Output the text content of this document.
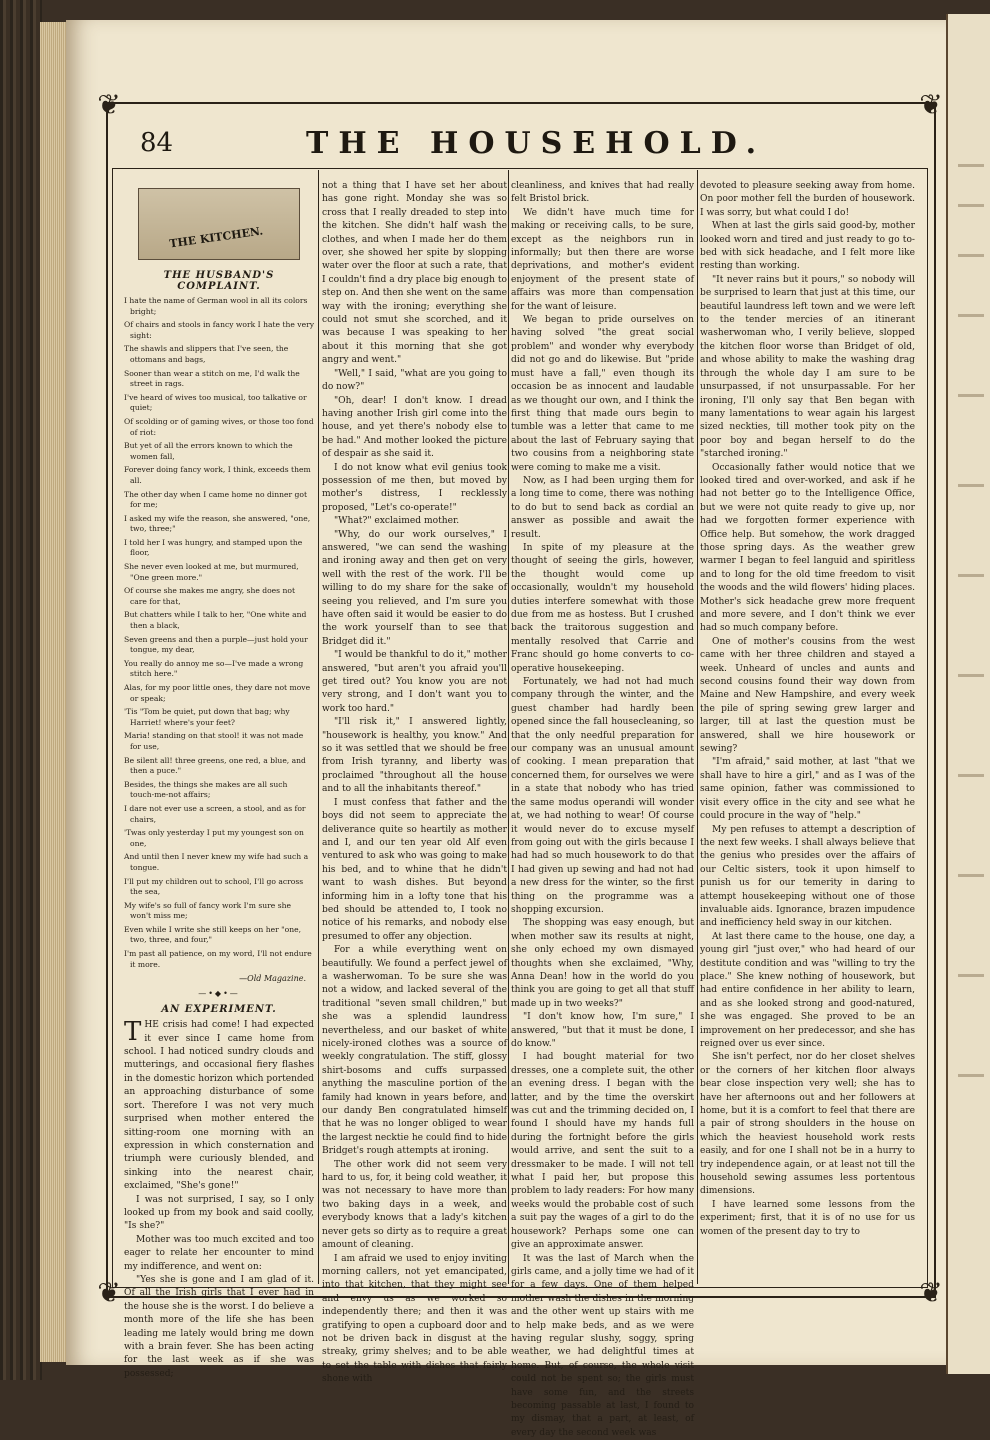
❦	❦
❦	❦
84	THE HOUSEHOLD.
THE KITCHEN.
THE HUSBAND'S COMPLAINT.

I hate the name of German wool in all its colors bright;

Of chairs and stools in fancy work I hate the very sight:

The shawls and slippers that I've seen, the ottomans and bags,

Sooner than wear a stitch on me, I'd walk the street in rags.

I've heard of wives too musical, too talkative or quiet;

Of scolding or of gaming wives, or those too fond of riot:

But yet of all the errors known to which the women fall,

Forever doing fancy work, I think, exceeds them all.

The other day when I came home no dinner got for me;

I asked my wife the reason, she answered, "one, two, three;"

I told her I was hungry, and stamped upon the floor,

She never even looked at me, but murmured, "One green more."

Of course she makes me angry, she does not care for that,

But chatters while I talk to her, "One white and then a black,

Seven greens and then a purple—just hold your tongue, my dear,

You really do annoy me so—I've made a wrong stitch here."

Alas, for my poor little ones, they dare not move or speak;

'Tis "Tom be quiet, put down that bag; why Harriet! where's your feet?

Maria! standing on that stool! it was not made for use,

Be silent all! three greens, one red, a blue, and then a puce."

Besides, the things she makes are all such touch-me-not affairs;

I dare not ever use a screen, a stool, and as for chairs,

'Twas only yesterday I put my youngest son on one,

And until then I never knew my wife had such a tongue.

I'll put my children out to school, I'll go across the sea,

My wife's so full of fancy work I'm sure she won't miss me;

Even while I write she still keeps on her "one, two, three, and four,"

I'm past all patience, on my word, I'll not endure it more.

—Old Magazine.
—•◆•—
AN EXPERIMENT.

THE crisis had come! I had expected it ever since I came home from school. I had noticed sundry clouds and mutterings, and occasional fiery flashes in the domestic horizon which portended an approaching disturbance of some sort. Therefore I was not very much surprised when mother entered the sitting-room one morning with an expression in which consternation and triumph were curiously blended, and sinking into the nearest chair, exclaimed, "She's gone!"

I was not surprised, I say, so I only looked up from my book and said coolly, "Is she?"

Mother was too much excited and too eager to relate her encounter to mind my indifference, and went on:

"Yes she is gone and I am glad of it. Of all the Irish girls that I ever had in the house she is the worst. I do believe a month more of the life she has been leading me lately would bring me down with a brain fever. She has been acting for the last week as if she was possessed;

not a thing that I have set her about has gone right. Monday she was so cross that I really dreaded to step into the kitchen. She didn't half wash the clothes, and when I made her do them over, she showed her spite by slopping water over the floor at such a rate, that I couldn't find a dry place big enough to step on. And then she went on the same way with the ironing; everything she could not smut she scorched, and it was because I was speaking to her about it this morning that she got angry and went."

"Well," I said, "what are you going to do now?"

"Oh, dear! I don't know. I dread having another Irish girl come into the house, and yet there's nobody else to be had." And mother looked the picture of despair as she said it.

I do not know what evil genius took possession of me then, but moved by mother's distress, I recklessly proposed, "Let's co-operate!"

"What?" exclaimed mother.

"Why, do our work ourselves," I answered, "we can send the washing and ironing away and then get on very well with the rest of the work. I'll be willing to do my share for the sake of seeing you relieved, and I'm sure you have often said it would be easier to do the work yourself than to see that Bridget did it."

"I would be thankful to do it," mother answered, "but aren't you afraid you'll get tired out? You know you are not very strong, and I don't want you to work too hard."

"I'll risk it," I answered lightly, "housework is healthy, you know." And so it was settled that we should be free from Irish tyranny, and liberty was proclaimed "throughout all the house and to all the inhabitants thereof."

I must confess that father and the boys did not seem to appreciate the deliverance quite so heartily as mother and I, and our ten year old Alf even ventured to ask who was going to make his bed, and to whine that he didn't want to wash dishes. But beyond informing him in a lofty tone that his bed should be attended to, I took no notice of his remarks, and nobody else presumed to offer any objection.

For a while everything went on beautifully. We found a perfect jewel of a washerwoman. To be sure she was not a widow, and lacked several of the traditional "seven small children," but she was a splendid laundress nevertheless, and our basket of white nicely-ironed clothes was a source of weekly congratulation. The stiff, glossy shirt-bosoms and cuffs surpassed anything the masculine portion of the family had known in years before, and our dandy Ben congratulated himself that he was no longer obliged to wear the largest necktie he could find to hide Bridget's rough attempts at ironing.

The other work did not seem very hard to us, for, it being cold weather, it was not necessary to have more than two baking days in a week, and everybody knows that a lady's kitchen never gets so dirty as to require a great amount of cleaning.

I am afraid we used to enjoy inviting morning callers, not yet emancipated, into that kitchen, that they might see and envy us as we worked so independently there; and then it was gratifying to open a cupboard door and not be driven back in disgust at the streaky, grimy shelves; and to be able to set the table with dishes that fairly shone with

cleanliness, and knives that had really felt Bristol brick.

We didn't have much time for making or receiving calls, to be sure, except as the neighbors run in informally; but then there are worse deprivations, and mother's evident enjoyment of the present state of affairs was more than compensation for the want of leisure.

We began to pride ourselves on having solved "the great social problem" and wonder why everybody did not go and do likewise. But "pride must have a fall," even though its occasion be as innocent and laudable as we thought our own, and I think the first thing that made ours begin to tumble was a letter that came to me about the last of February saying that two cousins from a neighboring state were coming to make me a visit.

Now, as I had been urging them for a long time to come, there was nothing to do but to send back as cordial an answer as possible and await the result.

In spite of my pleasure at the thought of seeing the girls, however, the thought would come up occasionally, wouldn't my household duties interfere somewhat with those due from me as hostess. But I crushed back the traitorous suggestion and mentally resolved that Carrie and Franc should go home converts to co-operative housekeeping.

Fortunately, we had not had much company through the winter, and the guest chamber had hardly been opened since the fall housecleaning, so that the only needful preparation for our company was an unusual amount of cooking. I mean preparation that concerned them, for ourselves we were in a state that nobody who has tried the same modus operandi will wonder at, we had nothing to wear! Of course it would never do to excuse myself from going out with the girls because I had had so much housework to do that I had given up sewing and had not had a new dress for the winter, so the first thing on the programme was a shopping excursion.

The shopping was easy enough, but when mother saw its results at night, she only echoed my own dismayed thoughts when she exclaimed, "Why, Anna Dean! how in the world do you think you are going to get all that stuff made up in two weeks?"

"I don't know how, I'm sure," I answered, "but that it must be done, I do know."

I had bought material for two dresses, one a complete suit, the other an evening dress. I began with the latter, and by the time the overskirt was cut and the trimming decided on, I found I should have my hands full during the fortnight before the girls would arrive, and sent the suit to a dressmaker to be made. I will not tell what I paid her, but propose this problem to lady readers: For how many weeks would the probable cost of such a suit pay the wages of a girl to do the housework? Perhaps some one can give an approximate answer.

It was the last of March when the girls came, and a jolly time we had of it for a few days. One of them helped mother wash the dishes in the morning and the other went up stairs with me to help make beds, and as we were having regular slushy, soggy, spring weather, we had delightful times at home. But, of course, the whole visit could not be spent so; the girls must have some fun, and the streets becoming passable at last, I found to my dismay, that a part, at least, of every day the second week was

devoted to pleasure seeking away from home. On poor mother fell the burden of housework. I was sorry, but what could I do!

When at last the girls said good-by, mother looked worn and tired and just ready to go to-bed with sick headache, and I felt more like resting than working.

"It never rains but it pours," so nobody will be surprised to learn that just at this time, our beautiful laundress left town and we were left to the tender mercies of an itinerant washerwoman who, I verily believe, slopped the kitchen floor worse than Bridget of old, and whose ability to make the washing drag through the whole day I am sure to be unsurpassed, if not unsurpassable. For her ironing, I'll only say that Ben began with many lamentations to wear again his largest sized neckties, till mother took pity on the poor boy and began herself to do the "starched ironing."

Occasionally father would notice that we looked tired and over-worked, and ask if he had not better go to the Intelligence Office, but we were not quite ready to give up, nor had we forgotten former experience with Office help. But somehow, the work dragged those spring days. As the weather grew warmer I began to feel languid and spiritless and to long for the old time freedom to visit the woods and the wild flowers' hiding places. Mother's sick headache grew more frequent and more severe, and I don't think we ever had so much company before.

One of mother's cousins from the west came with her three children and stayed a week. Unheard of uncles and aunts and second cousins found their way down from Maine and New Hampshire, and every week the pile of spring sewing grew larger and larger, till at last the question must be answered, shall we hire housework or sewing?

"I'm afraid," said mother, at last "that we shall have to hire a girl," and as I was of the same opinion, father was commissioned to visit every office in the city and see what he could procure in the way of "help."

My pen refuses to attempt a description of the next few weeks. I shall always believe that the genius who presides over the affairs of our Celtic sisters, took it upon himself to punish us for our temerity in daring to attempt housekeeping without one of those invaluable aids. Ignorance, brazen impudence and inefficiency held sway in our kitchen.

At last there came to the house, one day, a young girl "just over," who had heard of our destitute condition and was "willing to try the place." She knew nothing of housework, but had entire confidence in her ability to learn, and as she looked strong and good-natured, she was engaged. She proved to be an improvement on her predecessor, and she has reigned over us ever since.

She isn't perfect, nor do her closet shelves or the corners of her kitchen floor always bear close inspection very well; she has to have her afternoons out and her followers at home, but it is a comfort to feel that there are a pair of strong shoulders in the house on which the heaviest household work rests easily, and for one I shall not be in a hurry to try independence again, or at least not till the household sewing assumes less portentous dimensions.

I have learned some lessons from the experiment; first, that it is of no use for us women of the present day to try to
